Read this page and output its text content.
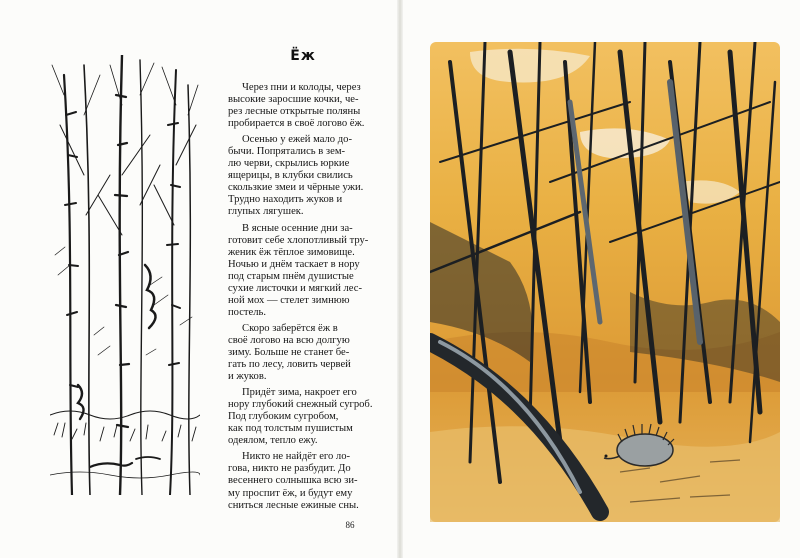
Ёж

Через пни и колоды, через
высокие заросшие кочки, че-
рез лесные открытые поляны
пробирается в своё логово ёж.

Осенью у ежей мало до-
бычи. Попрятались в зем-
лю черви, скрылись юркие
ящерицы, в клубки свились
скользкие змеи и чёрные ужи.
Трудно находить жуков и
глупых лягушек.

В ясные осенние дни за-
готовит себе хлопотливый тру-
женик ёж тёплое зимовище.
Ночью и днём таскает в нору
под старым пнём душистые
сухие листочки и мягкий лес-
ной мох — стелет зимнюю
постель.

Скоро заберётся ёж в
своё логово на всю долгую
зиму. Больше не станет бе-
гать по лесу, ловить червей
и жуков.

Придёт зима, накроет его
нору глубокий снежный сугроб.
Под глубоким сугробом,
как под толстым пушистым
одеялом, тепло ежу.

Никто не найдёт его ло-
говa, никто не разбудит. До
весеннего солнышка всю зи-
му проспит ёж, и будут ему
сниться лесные ежиные сны.

86
